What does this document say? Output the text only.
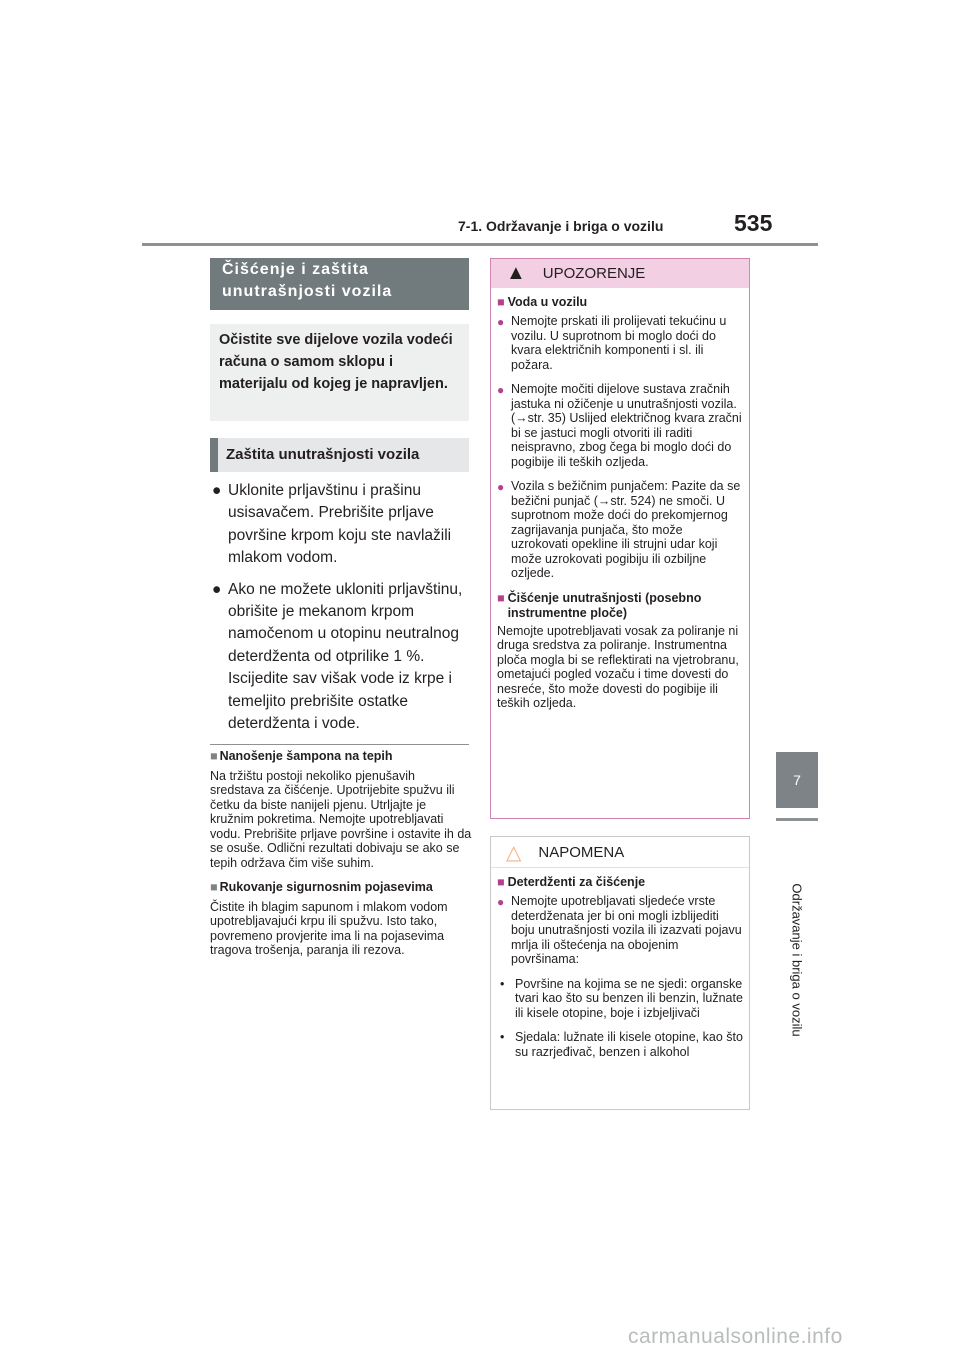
7-1. Održavanje i briga o vozilu	535
7
Održavanje i briga o vozilu
Čišćenje i zaštita unutrašnjosti vozila
Očistite sve dijelove vozila vodeći računa o samom sklopu i materijalu od kojeg je napravljen.
Zaštita unutrašnjosti vozila
● Uklonite prljavštinu i prašinu usisavačem. Prebrišite prljave površine krpom koju ste navlažili mlakom vodom.
● Ako ne možete ukloniti prljavštinu, obrišite je mekanom krpom namočenom u otopinu neutralnog deterdženta od otprilike 1 %. Iscijedite sav višak vode iz krpe i temeljito prebrišite ostatke deterdženta i vode.
■ Nanošenje šampona na tepih
Na tržištu postoji nekoliko pjenušavih sredstava za čišćenje. Upotrijebite spužvu ili četku da biste nanijeli pjenu. Utrljajte je kružnim pokretima. Nemojte upotrebljavati vodu. Prebrišite prljave površine i ostavite ih da se osuše. Odlični rezultati dobivaju se ako se tepih održava čim više suhim.
■ Rukovanje sigurnosnim pojasevima
Čistite ih blagim sapunom i mlakom vodom upotrebljavajući krpu ili spužvu. Isto tako, povremeno provjerite ima li na pojasevima tragova trošenja, paranja ili rezova.
▲ UPOZORENJE
■ Voda u vozilu
● Nemojte prskati ili prolijevati tekućinu u vozilu. U suprotnom bi moglo doći do kvara električnih komponenti i sl. ili požara.
● Nemojte močiti dijelove sustava zračnih jastuka ni ožičenje u unutrašnjosti vozila. (→str. 35) Uslijed električnog kvara zračni bi se jastuci mogli otvoriti ili raditi neispravno, zbog čega bi moglo doći do pogibije ili teških ozljeda.
● Vozila s bežičnim punjačem: Pazite da se bežični punjač (→str. 524) ne smoči. U suprotnom može doći do prekomjernog zagrijavanja punjača, što može uzrokovati opekline ili strujni udar koji može uzrokovati pogibiju ili ozbiljne ozljede.
■ Čišćenje unutrašnjosti (posebno instrumentne ploče)
Nemojte upotrebljavati vosak za poliranje ni druga sredstva za poliranje. Instrumentna ploča mogla bi se reflektirati na vjetrobranu, ometajući pogled vozaču i time dovesti do nesreće, što može dovesti do pogibije ili teških ozljeda.
△ NAPOMENA
■ Deterdženti za čišćenje
● Nemojte upotrebljavati sljedeće vrste deterdženata jer bi oni mogli izblijediti boju unutrašnjosti vozila ili izazvati pojavu mrlja ili oštećenja na obojenim površinama:
• Površine na kojima se ne sjedi: organske tvari kao što su benzen ili benzin, lužnate ili kisele otopine, boje i izbjeljivači
• Sjedala: lužnate ili kisele otopine, kao što su razrjeđivač, benzen i alkohol
carmanualsonline.info
